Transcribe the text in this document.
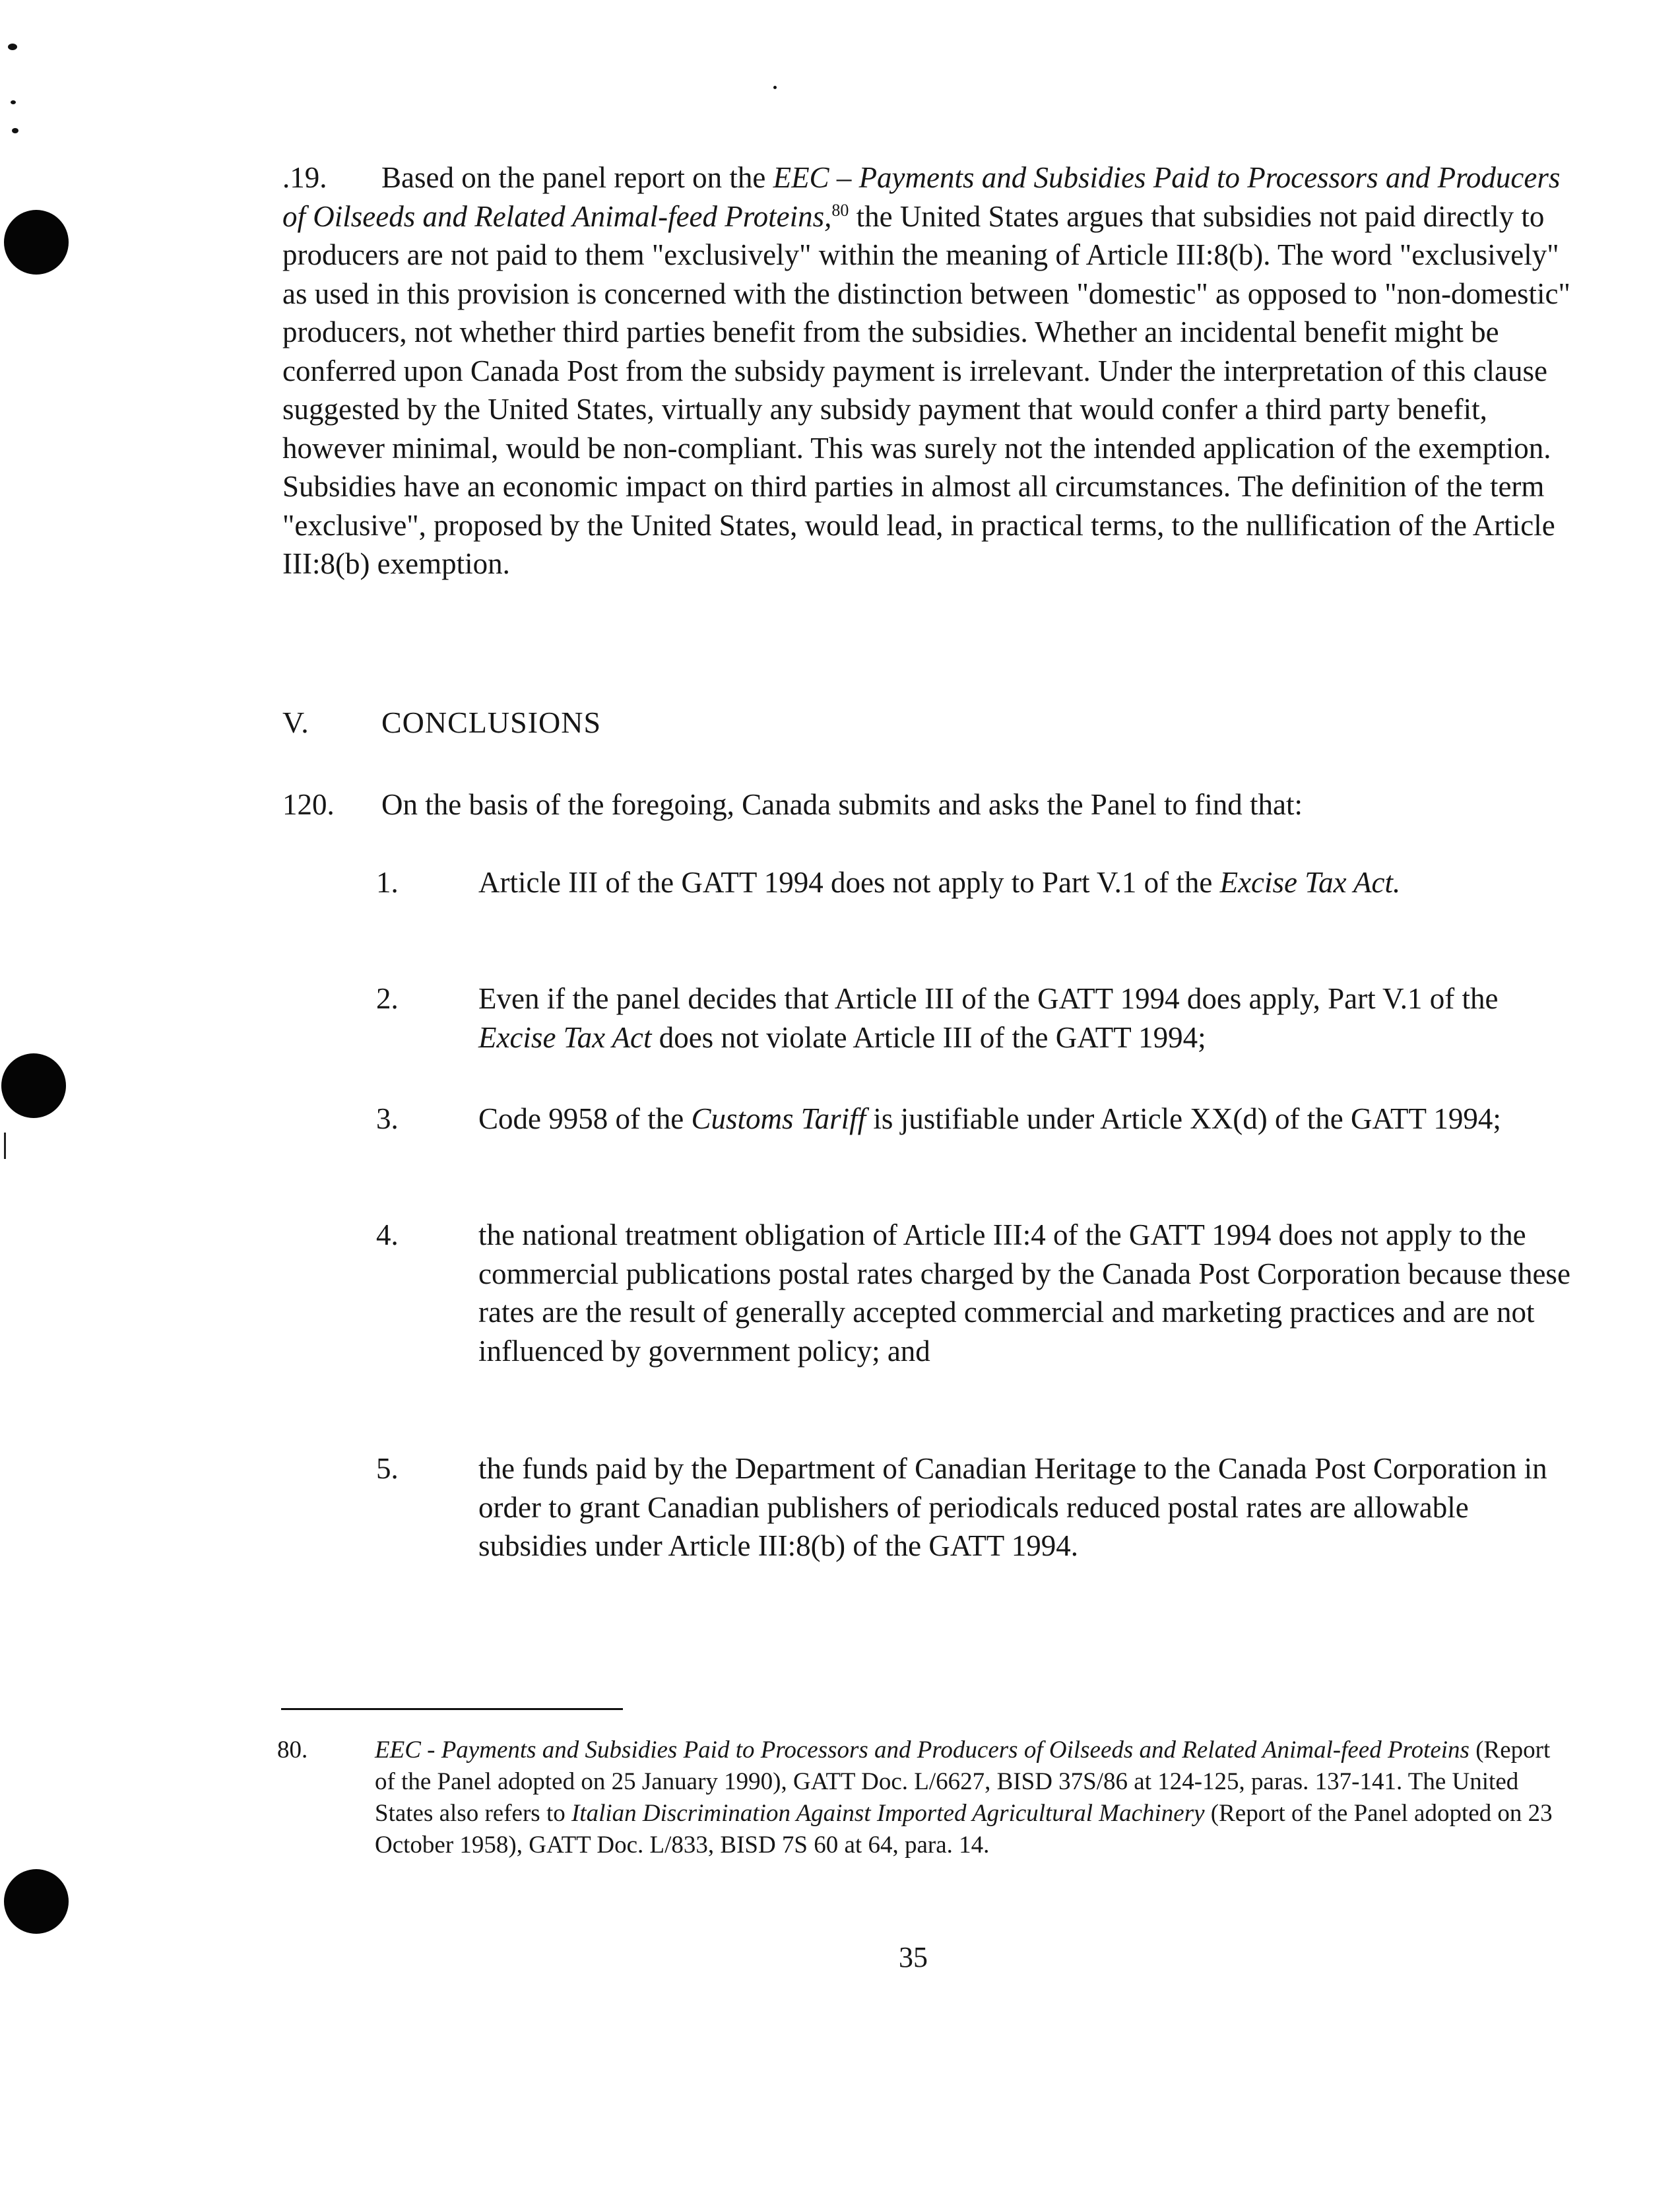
.19. Based on the panel report on the EEC – Payments and Subsidies Paid to Processors and Producers of Oilseeds and Related Animal-feed Proteins,$^{80}$ the United States argues that subsidies not paid directly to producers are not paid to them "exclusively" within the meaning of Article III:8(b). The word "exclusively" as used in this provision is concerned with the distinction between "domestic" as opposed to "non-domestic" producers, not whether third parties benefit from the subsidies. Whether an incidental benefit might be conferred upon Canada Post from the subsidy payment is irrelevant. Under the interpretation of this clause suggested by the United States, virtually any subsidy payment that would confer a third party benefit, however minimal, would be non-compliant. This was surely not the intended application of the exemption. Subsidies have an economic impact on third parties in almost all circumstances. The definition of the term "exclusive", proposed by the United States, would lead, in practical terms, to the nullification of the Article III:8(b) exemption.
V. CONCLUSIONS
120. On the basis of the foregoing, Canada submits and asks the Panel to find that:
1.	Article III of the GATT 1994 does not apply to Part V.1 of the Excise Tax Act.
2.	Even if the panel decides that Article III of the GATT 1994 does apply, Part V.1 of the Excise Tax Act does not violate Article III of the GATT 1994;
3.	Code 9958 of the Customs Tariff is justifiable under Article XX(d) of the GATT 1994;
4.	the national treatment obligation of Article III:4 of the GATT 1994 does not apply to the commercial publications postal rates charged by the Canada Post Corporation because these rates are the result of generally accepted commercial and marketing practices and are not influenced by government policy; and
5.	the funds paid by the Department of Canadian Heritage to the Canada Post Corporation in order to grant Canadian publishers of periodicals reduced postal rates are allowable subsidies under Article III:8(b) of the GATT 1994.
80.	EEC - Payments and Subsidies Paid to Processors and Producers of Oilseeds and Related Animal-feed Proteins (Report of the Panel adopted on 25 January 1990), GATT Doc. L/6627, BISD 37S/86 at 124-125, paras. 137-141. The United States also refers to Italian Discrimination Against Imported Agricultural Machinery (Report of the Panel adopted on 23 October 1958), GATT Doc. L/833, BISD 7S 60 at 64, para. 14.
35
